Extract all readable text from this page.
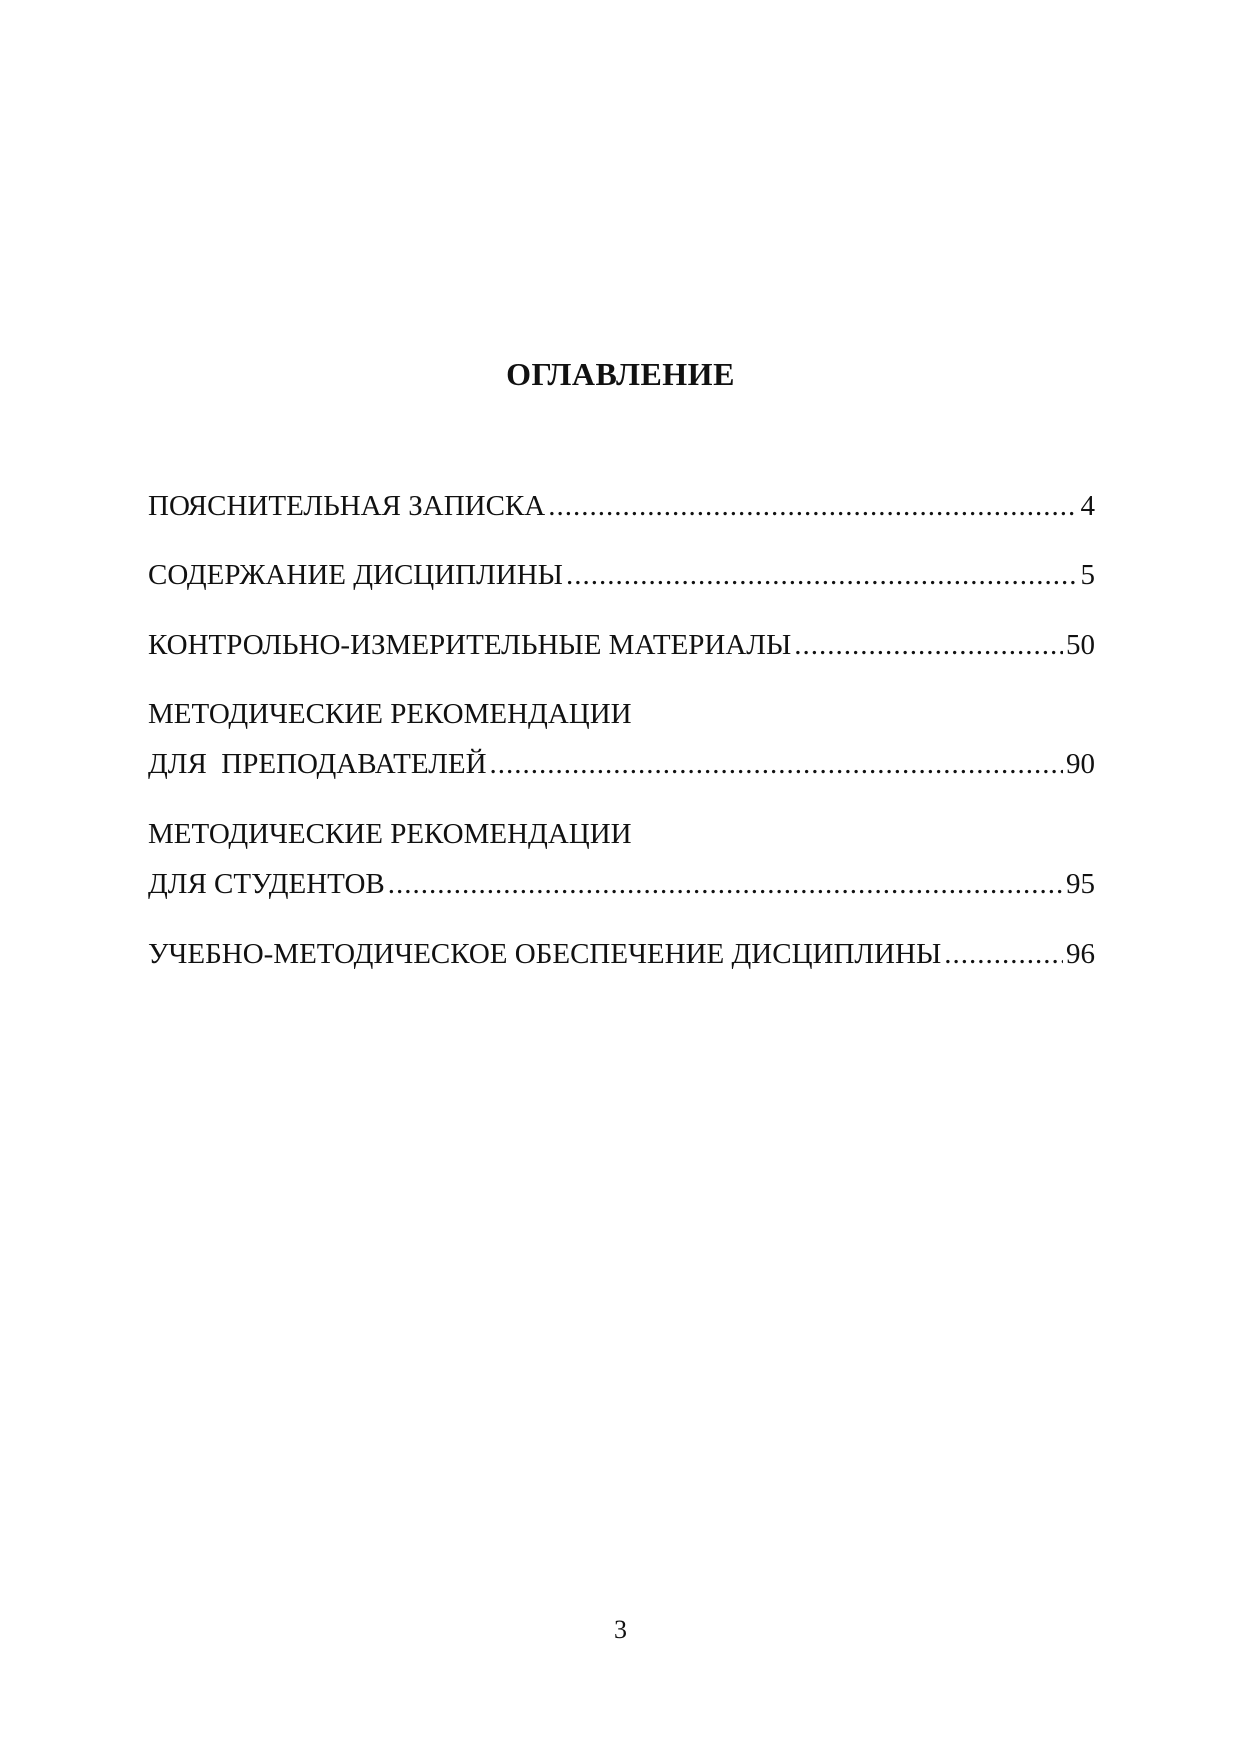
ОГЛАВЛЕНИЕ
ПОЯСНИТЕЛЬНАЯ ЗАПИСКА .....	4
СОДЕРЖАНИЕ ДИСЦИПЛИНЫ .....	5
КОНТРОЛЬНО-ИЗМЕРИТЕЛЬНЫЕ МАТЕРИАЛЫ .....	50
МЕТОДИЧЕСКИЕ РЕКОМЕНДАЦИИ
ДЛЯ  ПРЕПОДАВАТЕЛЕЙ .....	90
МЕТОДИЧЕСКИЕ РЕКОМЕНДАЦИИ
ДЛЯ СТУДЕНТОВ .....	95
УЧЕБНО-МЕТОДИЧЕСКОЕ ОБЕСПЕЧЕНИЕ ДИСЦИПЛИНЫ .....	96
3
